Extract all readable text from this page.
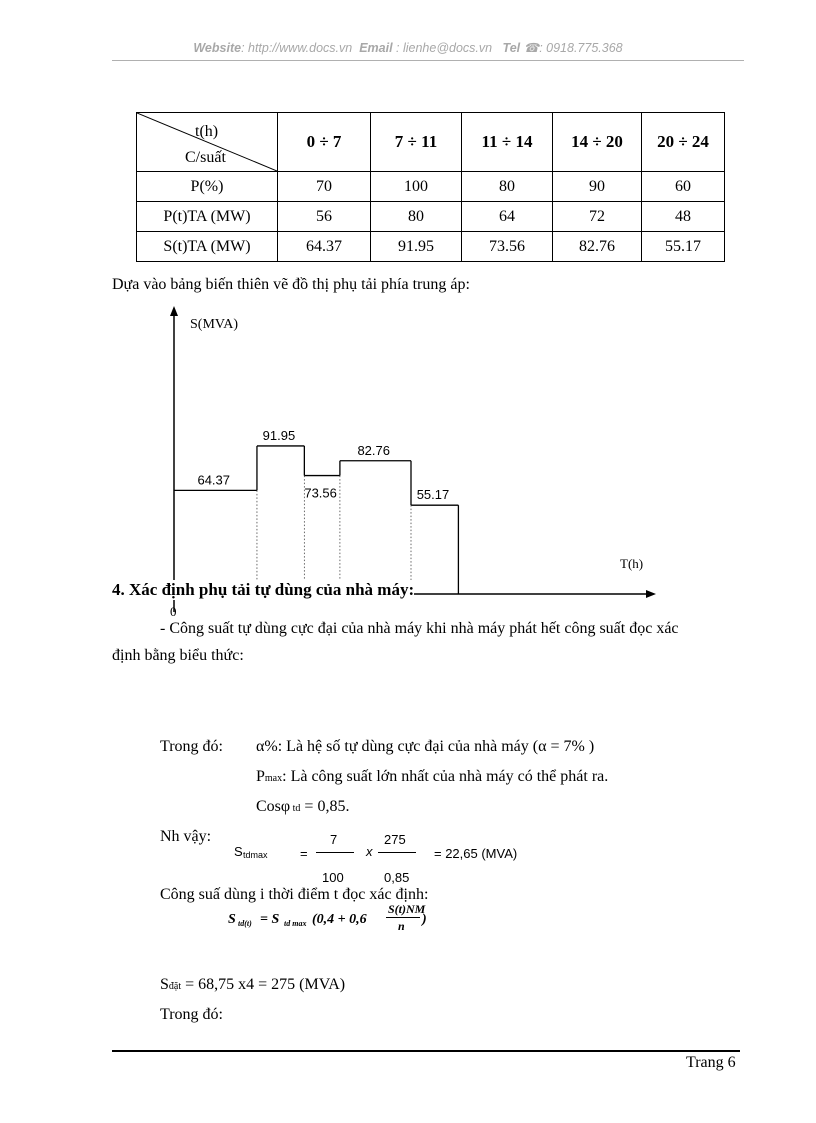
Website: http://www.docs.vn Email : lienhe@docs.vn Tel ☎: 0918.775.368
t(h)
C/suất	0 ÷ 7	7 ÷ 11	11 ÷ 14	14 ÷ 20	20 ÷ 24
P(%)	70	100	80	90	60
P(t)TA (MW)	56	80	64	72	48
S(t)TA (MW)	64.37	91.95	73.56	82.76	55.17
Dựa vào bảng biến thiên vẽ đồ thị phụ tải phía trung áp:
S(MVA)
T(h)
0
64.37
91.95
73.56
82.76
55.17
4. Xác định phụ tải tự dùng của nhà máy:
- Công suất tự dùng cực đại của nhà máy khi nhà máy phát hết công suất đọc xác
định bằng biểu thức:
Trong đó: α%: Là hệ số tự dùng cực đại của nhà máy (α = 7% )
Pmax: Là công suất lớn nhất của nhà máy có thể phát ra.
Cosφ td = 0,85.
Nh vậy:
S tdmax =
7
100
x
275
0,85
= 22,65 (MVA)
Công suấ dùng i thời điểm t đọc xác định:
S td(t) = S td max (0,4 + 0,6
S(t)NM
n )
Sđặt = 68,75 x4 = 275 (MVA)
Trong đó:
Trang 6
